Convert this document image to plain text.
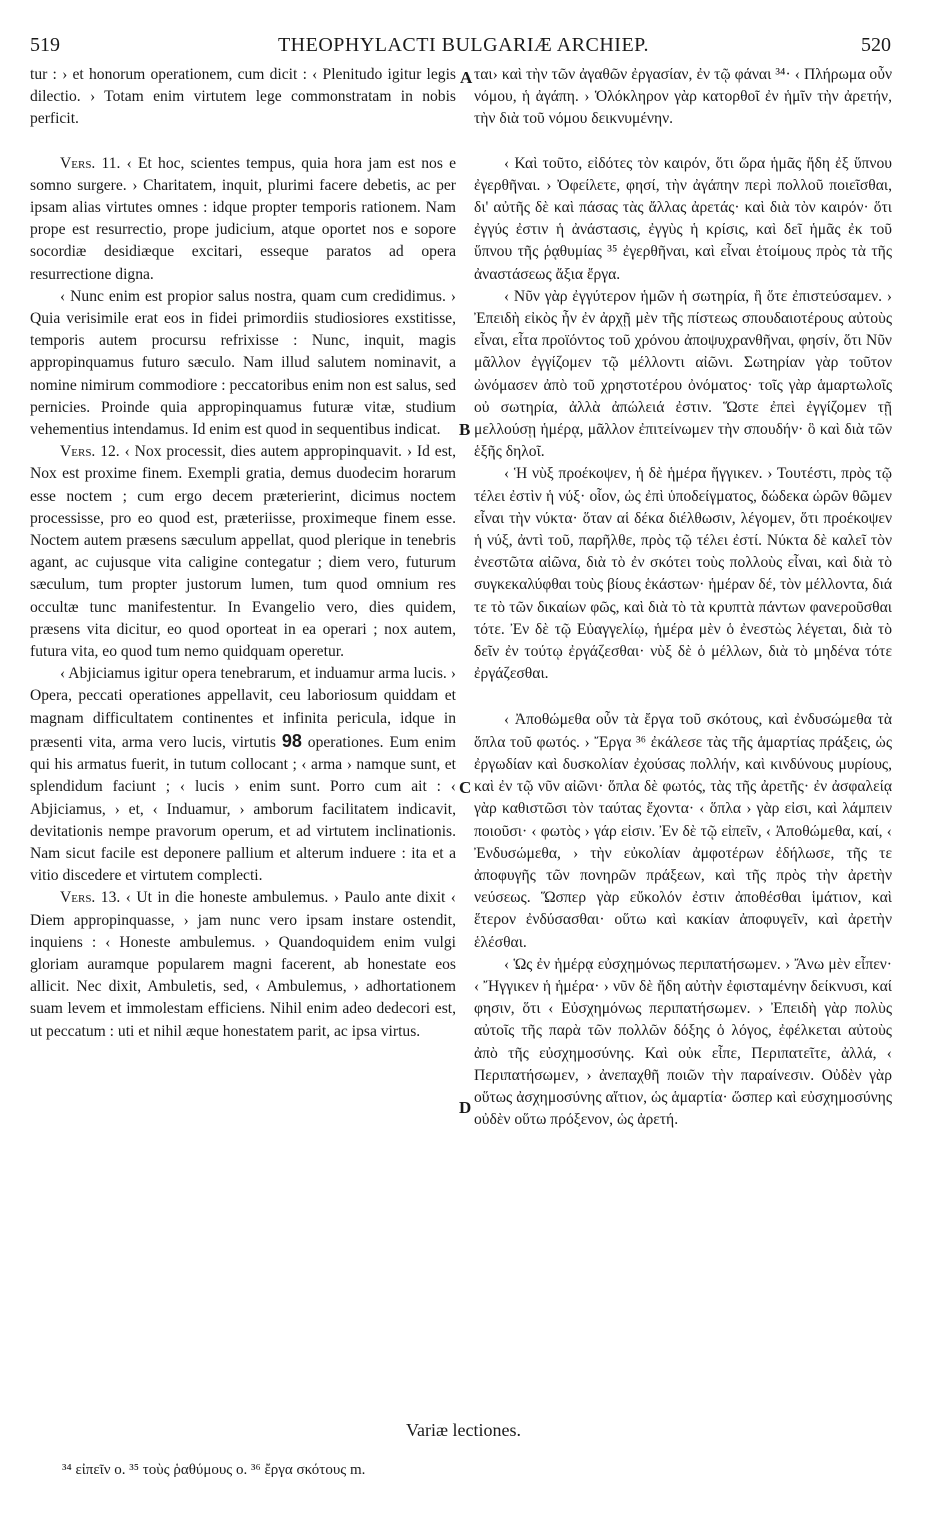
519	THEOPHYLACTI BULGARIÆ ARCHIEP.	520

tur : › et honorum operationem, cum dicit : ‹ Plenitudo igitur legis dilectio. › Totam enim virtutem lege commonstratam in nobis perficit.

Vers. 11. ‹ Et hoc, scientes tempus, quia hora jam est nos e somno surgere. › Charitatem, inquit, plurimi facere debetis, ac per ipsam alias virtutes omnes : idque propter temporis rationem. Nam prope est resurrectio, prope judicium, atque oportet nos e sopore socordiæ desidiæque excitari, esseque paratos ad opera resurrectione digna.

‹ Nunc enim est propior salus nostra, quam cum credidimus. › Quia verisimile erat eos in fidei primordiis studiosiores exstitisse, temporis autem procursu refrixisse : Nunc, inquit, magis appropinquamus futuro sæculo. Nam illud salutem nominavit, a nomine nimirum commodiore : peccatoribus enim non est salus, sed pernicies. Proinde quia appropinquamus futuræ vitæ, studium vehementius intendamus. Id enim est quod in sequentibus indicat.

Vers. 12. ‹ Nox processit, dies autem appropinquavit. › Id est, Nox est proxime finem. Exempli gratia, demus duodecim horarum esse noctem ; cum ergo decem præterierint, dicimus noctem processisse, pro eo quod est, præteriisse, proximeque finem esse. Noctem autem præsens sæculum appellat, quod plerique in tenebris agant, ac cujusque vita caligine contegatur ; diem vero, futurum sæculum, tum propter justorum lumen, tum quod omnium res occultæ tunc manifestentur. In Evangelio vero, dies quidem, præsens vita dicitur, eo quod oporteat in ea operari ; nox autem, futura vita, eo quod tum nemo quidquam operetur.

‹ Abjiciamus igitur opera tenebrarum, et induamur arma lucis. › Opera, peccati operationes appellavit, ceu laboriosum quiddam et magnam difficultatem continentes et infinita pericula, idque in præsenti vita, arma vero lucis, virtutis 98 operationes. Eum enim qui his armatus fuerit, in tutum collocant ; ‹ arma › namque sunt, et splendidum faciunt ; ‹ lucis › enim sunt. Porro cum ait : ‹ Abjiciamus, › et, ‹ Induamur, › amborum facilitatem indicavit, devitationis nempe pravorum operum, et ad virtutem inclinationis. Nam sicut facile est deponere pallium et alterum induere : ita et a vitio discedere et virtutem complecti.

Vers. 13. ‹ Ut in die honeste ambulemus. › Paulo ante dixit ‹ Diem appropinquasse, › jam nunc vero ipsam instare ostendit, inquiens : ‹ Honeste ambulemus. › Quandoquidem enim vulgi gloriam auramque popularem magni facerent, ab honestate eos allicit. Nec dixit, Ambuletis, sed, ‹ Ambulemus, › adhortationem suam levem et immolestam efficiens. Nihil enim adeo dedecori est, ut peccatum : uti et nihil æque honestatem parit, ac ipsa virtus.

A
B
C
D

ται› καὶ τὴν τῶν ἀγαθῶν ἐργασίαν, ἐν τῷ φάναι ³⁴· ‹ Πλήρωμα οὖν νόμου, ἡ ἀγάπη. › Ὁλόκληρον γὰρ κατορθοῖ ἐν ἡμῖν τὴν ἀρετήν, τὴν διὰ τοῦ νόμου δεικνυμένην.

‹ Καὶ τοῦτο, εἰδότες τὸν καιρόν, ὅτι ὥρα ἡμᾶς ἤδη ἐξ ὕπνου ἐγερθῆναι. › Ὀφείλετε, φησί, τὴν ἀγάπην περὶ πολλοῦ ποιεῖσθαι, δι' αὐτῆς δὲ καὶ πάσας τὰς ἄλλας ἀρετάς· καὶ διὰ τὸν καιρόν· ὅτι ἐγγύς ἐστιν ἡ ἀνάστασις, ἐγγὺς ἡ κρίσις, καὶ δεῖ ἡμᾶς ἐκ τοῦ ὕπνου τῆς ῥᾳθυμίας ³⁵ ἐγερθῆναι, καὶ εἶναι ἑτοίμους πρὸς τὰ τῆς ἀναστάσεως ἄξια ἔργα.

‹ Νῦν γὰρ ἐγγύτερον ἡμῶν ἡ σωτηρία, ἢ ὅτε ἐπιστεύσαμεν. › Ἐπειδὴ εἰκὸς ἦν ἐν ἀρχῇ μὲν τῆς πίστεως σπουδαιοτέρους αὐτοὺς εἶναι, εἶτα προϊόντος τοῦ χρόνου ἀποψυχρανθῆναι, φησίν, ὅτι Νῦν μᾶλλον ἐγγίζομεν τῷ μέλλοντι αἰῶνι. Σωτηρίαν γὰρ τοῦτον ὠνόμασεν ἀπὸ τοῦ χρηστοτέρου ὀνόματος· τοῖς γὰρ ἁμαρτωλοῖς οὐ σωτηρία, ἀλλὰ ἀπώλειά ἐστιν. Ὥστε ἐπεὶ ἐγγίζομεν τῇ μελλούσῃ ἡμέρᾳ, μᾶλλον ἐπιτείνωμεν τὴν σπουδήν· ὃ καὶ διὰ τῶν ἑξῆς δηλοῖ.

‹ Ἡ νὺξ προέκοψεν, ἡ δὲ ἡμέρα ἤγγικεν. › Τουτέστι, πρὸς τῷ τέλει ἐστὶν ἡ νύξ· οἷον, ὡς ἐπὶ ὑποδείγματος, δώδεκα ὡρῶν θῶμεν εἶναι τὴν νύκτα· ὅταν αἱ δέκα διέλθωσιν, λέγομεν, ὅτι προέκοψεν ἡ νύξ, ἀντὶ τοῦ, παρῆλθε, πρὸς τῷ τέλει ἐστί. Νύκτα δὲ καλεῖ τὸν ἐνεστῶτα αἰῶνα, διὰ τὸ ἐν σκότει τοὺς πολλοὺς εἶναι, καὶ διὰ τὸ συγκεκαλύφθαι τοὺς βίους ἑκάστων· ἡμέραν δέ, τὸν μέλλοντα, διά τε τὸ τῶν δικαίων φῶς, καὶ διὰ τὸ τὰ κρυπτὰ πάντων φανεροῦσθαι τότε. Ἐν δὲ τῷ Εὐαγγελίῳ, ἡμέρα μὲν ὁ ἐνεστὼς λέγεται, διὰ τὸ δεῖν ἐν τούτῳ ἐργάζεσθαι· νὺξ δὲ ὁ μέλλων, διὰ τὸ μηδένα τότε ἐργάζεσθαι.

‹ Ἀποθώμεθα οὖν τὰ ἔργα τοῦ σκότους, καὶ ἐνδυσώμεθα τὰ ὅπλα τοῦ φωτός. › Ἔργα ³⁶ ἐκάλεσε τὰς τῆς ἁμαρτίας πράξεις, ὡς ἐργωδίαν καὶ δυσκολίαν ἐχούσας πολλήν, καὶ κινδύνους μυρίους, καὶ ἐν τῷ νῦν αἰῶνι· ὅπλα δὲ φωτός, τὰς τῆς ἀρετῆς· ἐν ἀσφαλείᾳ γὰρ καθιστῶσι τὸν ταύτας ἔχοντα· ‹ ὅπλα › γὰρ εἰσι, καὶ λάμπειν ποιοῦσι· ‹ φωτὸς › γάρ εἰσιν. Ἐν δὲ τῷ εἰπεῖν, ‹ Ἀποθώμεθα, καί, ‹ Ἐνδυσώμεθα, › τὴν εὐκολίαν ἀμφοτέρων ἐδήλωσε, τῆς τε ἀποφυγῆς τῶν πονηρῶν πράξεων, καὶ τῆς πρὸς τὴν ἀρετὴν νεύσεως. Ὥσπερ γὰρ εὔκολόν ἐστιν ἀποθέσθαι ἱμάτιον, καὶ ἕτερον ἐνδύσασθαι· οὕτω καὶ κακίαν ἀποφυγεῖν, καὶ ἀρετὴν ἑλέσθαι.

‹ Ὡς ἐν ἡμέρᾳ εὐσχημόνως περιπατήσωμεν. › Ἄνω μὲν εἶπεν· ‹ Ἤγγικεν ἡ ἡμέρα· › νῦν δὲ ἤδη αὐτὴν ἐφισταμένην δείκνυσι, καί φησιν, ὅτι ‹ Εὐσχημόνως περιπατήσωμεν. › Ἐπειδὴ γὰρ πολὺς αὐτοῖς τῆς παρὰ τῶν πολλῶν δόξης ὁ λόγος, ἐφέλκεται αὐτοὺς ἀπὸ τῆς εὐσχημοσύνης. Καὶ οὐκ εἶπε, Περιπατεῖτε, ἀλλά, ‹ Περιπατήσωμεν, › ἀνεπαχθῆ ποιῶν τὴν παραίνεσιν. Οὐδὲν γὰρ οὕτως ἀσχημοσύνης αἴτιον, ὡς ἁμαρτία· ὥσπερ καὶ εὐσχημοσύνης οὐδὲν οὕτω πρόξενον, ὡς ἀρετή.

Variæ lectiones.
³⁴ εἰπεῖν o. ³⁵ τοὺς ῥαθύμους o. ³⁶ ἔργα σκότους m.
